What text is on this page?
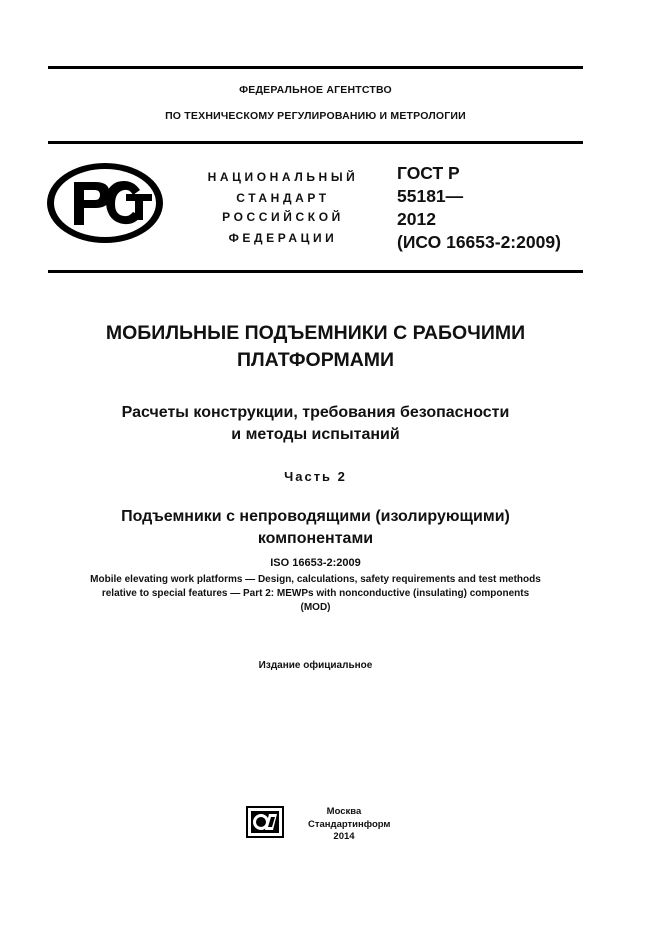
ФЕДЕРАЛЬНОЕ АГЕНТСТВО
ПО ТЕХНИЧЕСКОМУ РЕГУЛИРОВАНИЮ И МЕТРОЛОГИИ
НАЦИОНАЛЬНЫЙ
СТАНДАРТ
РОССИЙСКОЙ
ФЕДЕРАЦИИ
ГОСТ Р
55181—
2012
(ИСО 16653-2:2009)
МОБИЛЬНЫЕ ПОДЪЕМНИКИ С РАБОЧИМИ
ПЛАТФОРМАМИ
Расчеты конструкции, требования безопасности
и методы испытаний
Часть 2
Подъемники с непроводящими (изолирующими)
компонентами
ISO 16653-2:2009
Mobile elevating work platforms — Design, calculations, safety requirements and test methods
relative to special features — Part 2: MEWPs with nonconductive (insulating) components
(MOD)
Издание официальное
Москва
Стандартинформ
2014
